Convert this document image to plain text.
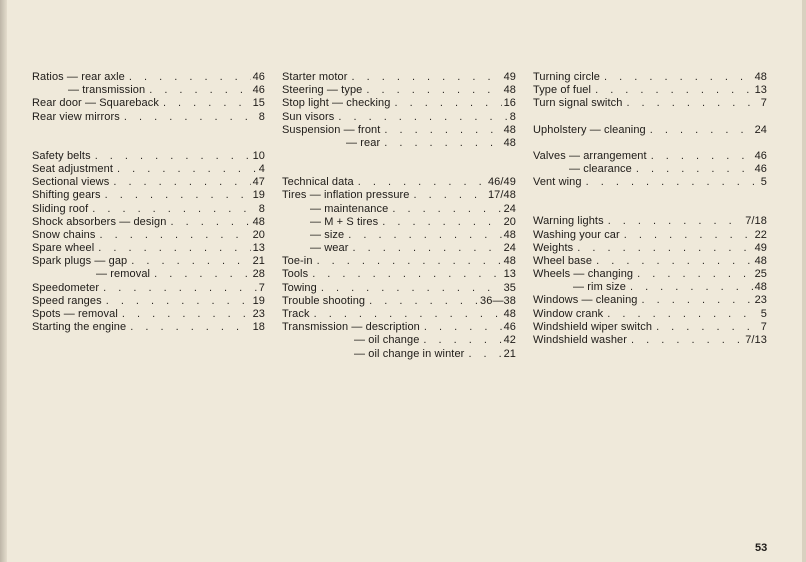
Ratios — rear axle . . .	46
— transmission . . .	46
Rear door — Squareback . . .	15
Rear view mirrors . . .	8
Safety belts . . .	10
Seat adjustment . . .	4
Sectional views . . .	47
Shifting gears . . .	19
Sliding roof . . .	8
Shock absorbers — design . . .	48
Snow chains . . .	20
Spare wheel . . .	13
Spark plugs — gap . . .	21
— removal . . .	28
Speedometer . . .	7
Speed ranges . . .	19
Spots — removal . . .	23
Starting the engine . . .	18
Starter motor . . .	49
Steering — type . . .	48
Stop light — checking . . .	16
Sun visors . . .	8
Suspension — front . . .	48
— rear . . .	48
Technical data . . .	46/49
Tires — inflation pressure . . .	17/48
— maintenance . . .	24
— M + S tires . . .	20
— size . . .	48
— wear . . .	24
Toe-in . . .	48
Tools . . .	13
Towing . . .	35
Trouble shooting . . .	36—38
Track . . .	48
Transmission — description . . .	46
— oil change . . .	42
— oil change in winter . . .	21
Turning circle . . .	48
Type of fuel . . .	13
Turn signal switch . . .	7
Upholstery — cleaning . . .	24
Valves — arrangement . . .	46
— clearance . . .	46
Vent wing . . .	5
Warning lights . . .	7/18
Washing your car . . .	22
Weights . . .	49
Wheel base . . .	48
Wheels — changing . . .	25
— rim size . . .	48
Windows — cleaning . . .	23
Window crank . . .	5
Windshield wiper switch . . .	7
Windshield washer . . .	7/13
53
